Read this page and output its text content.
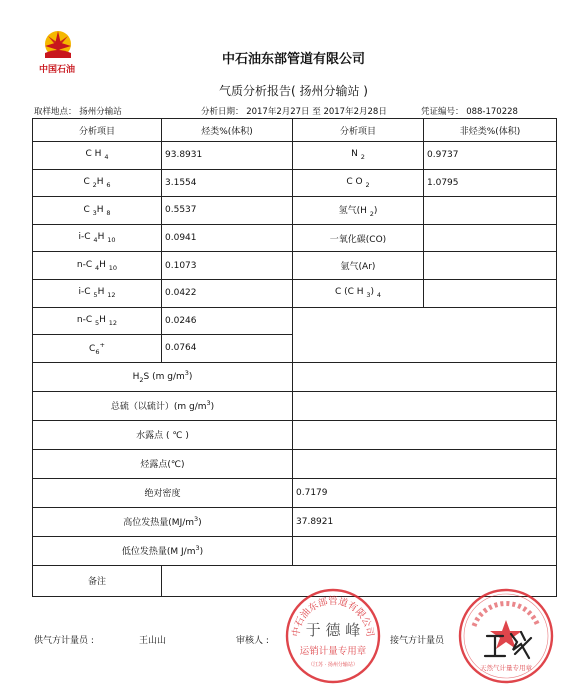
中国石油
中石油东部管道有限公司
气质分析报告( 扬州分输站 )
取样地点： 扬州分输站	分析日期： 2017年2月27日 至 2017年2月28日	凭证编号： 088-170228
分析项目	烃类%(体积)	分析项目	非烃类%(体积)
C H $_4$	93.8931	N $_2$	0.9737
C $_2$H $_6$	3.1554	C O $_2$	1.0795
C $_3$H $_8$	0.5537	氢气(H $_2$)	
i-C $_4$H $_{10}$	0.0941	一氧化碳(CO)	
n-C $_4$H $_{10}$	0.1073	氩气(Ar)	
i-C $_5$H $_{12}$	0.0422	C (C H $_3$) $_4$	
n-C $_5$H $_{12}$	0.0246		
$C_6^+$	0.0764		
$H_2S$ (m $g/m^3$)			
总硫（以硫计）(m $g/m^3$)			
水露点 ( ℃ )			
烃露点(℃)			
绝对密度		0.7179	
高位发热量$(MJ/m^3)$		37.8921	
低位发热量(M $J/m^3$)			
备注			
供气方计量员 :	王山山	审核人 :	接气方计量员
中石油东部管道有限公司
于 德 峰
运销计量专用章
（江苏 · 扬州分输站）	天然气计量专用章
